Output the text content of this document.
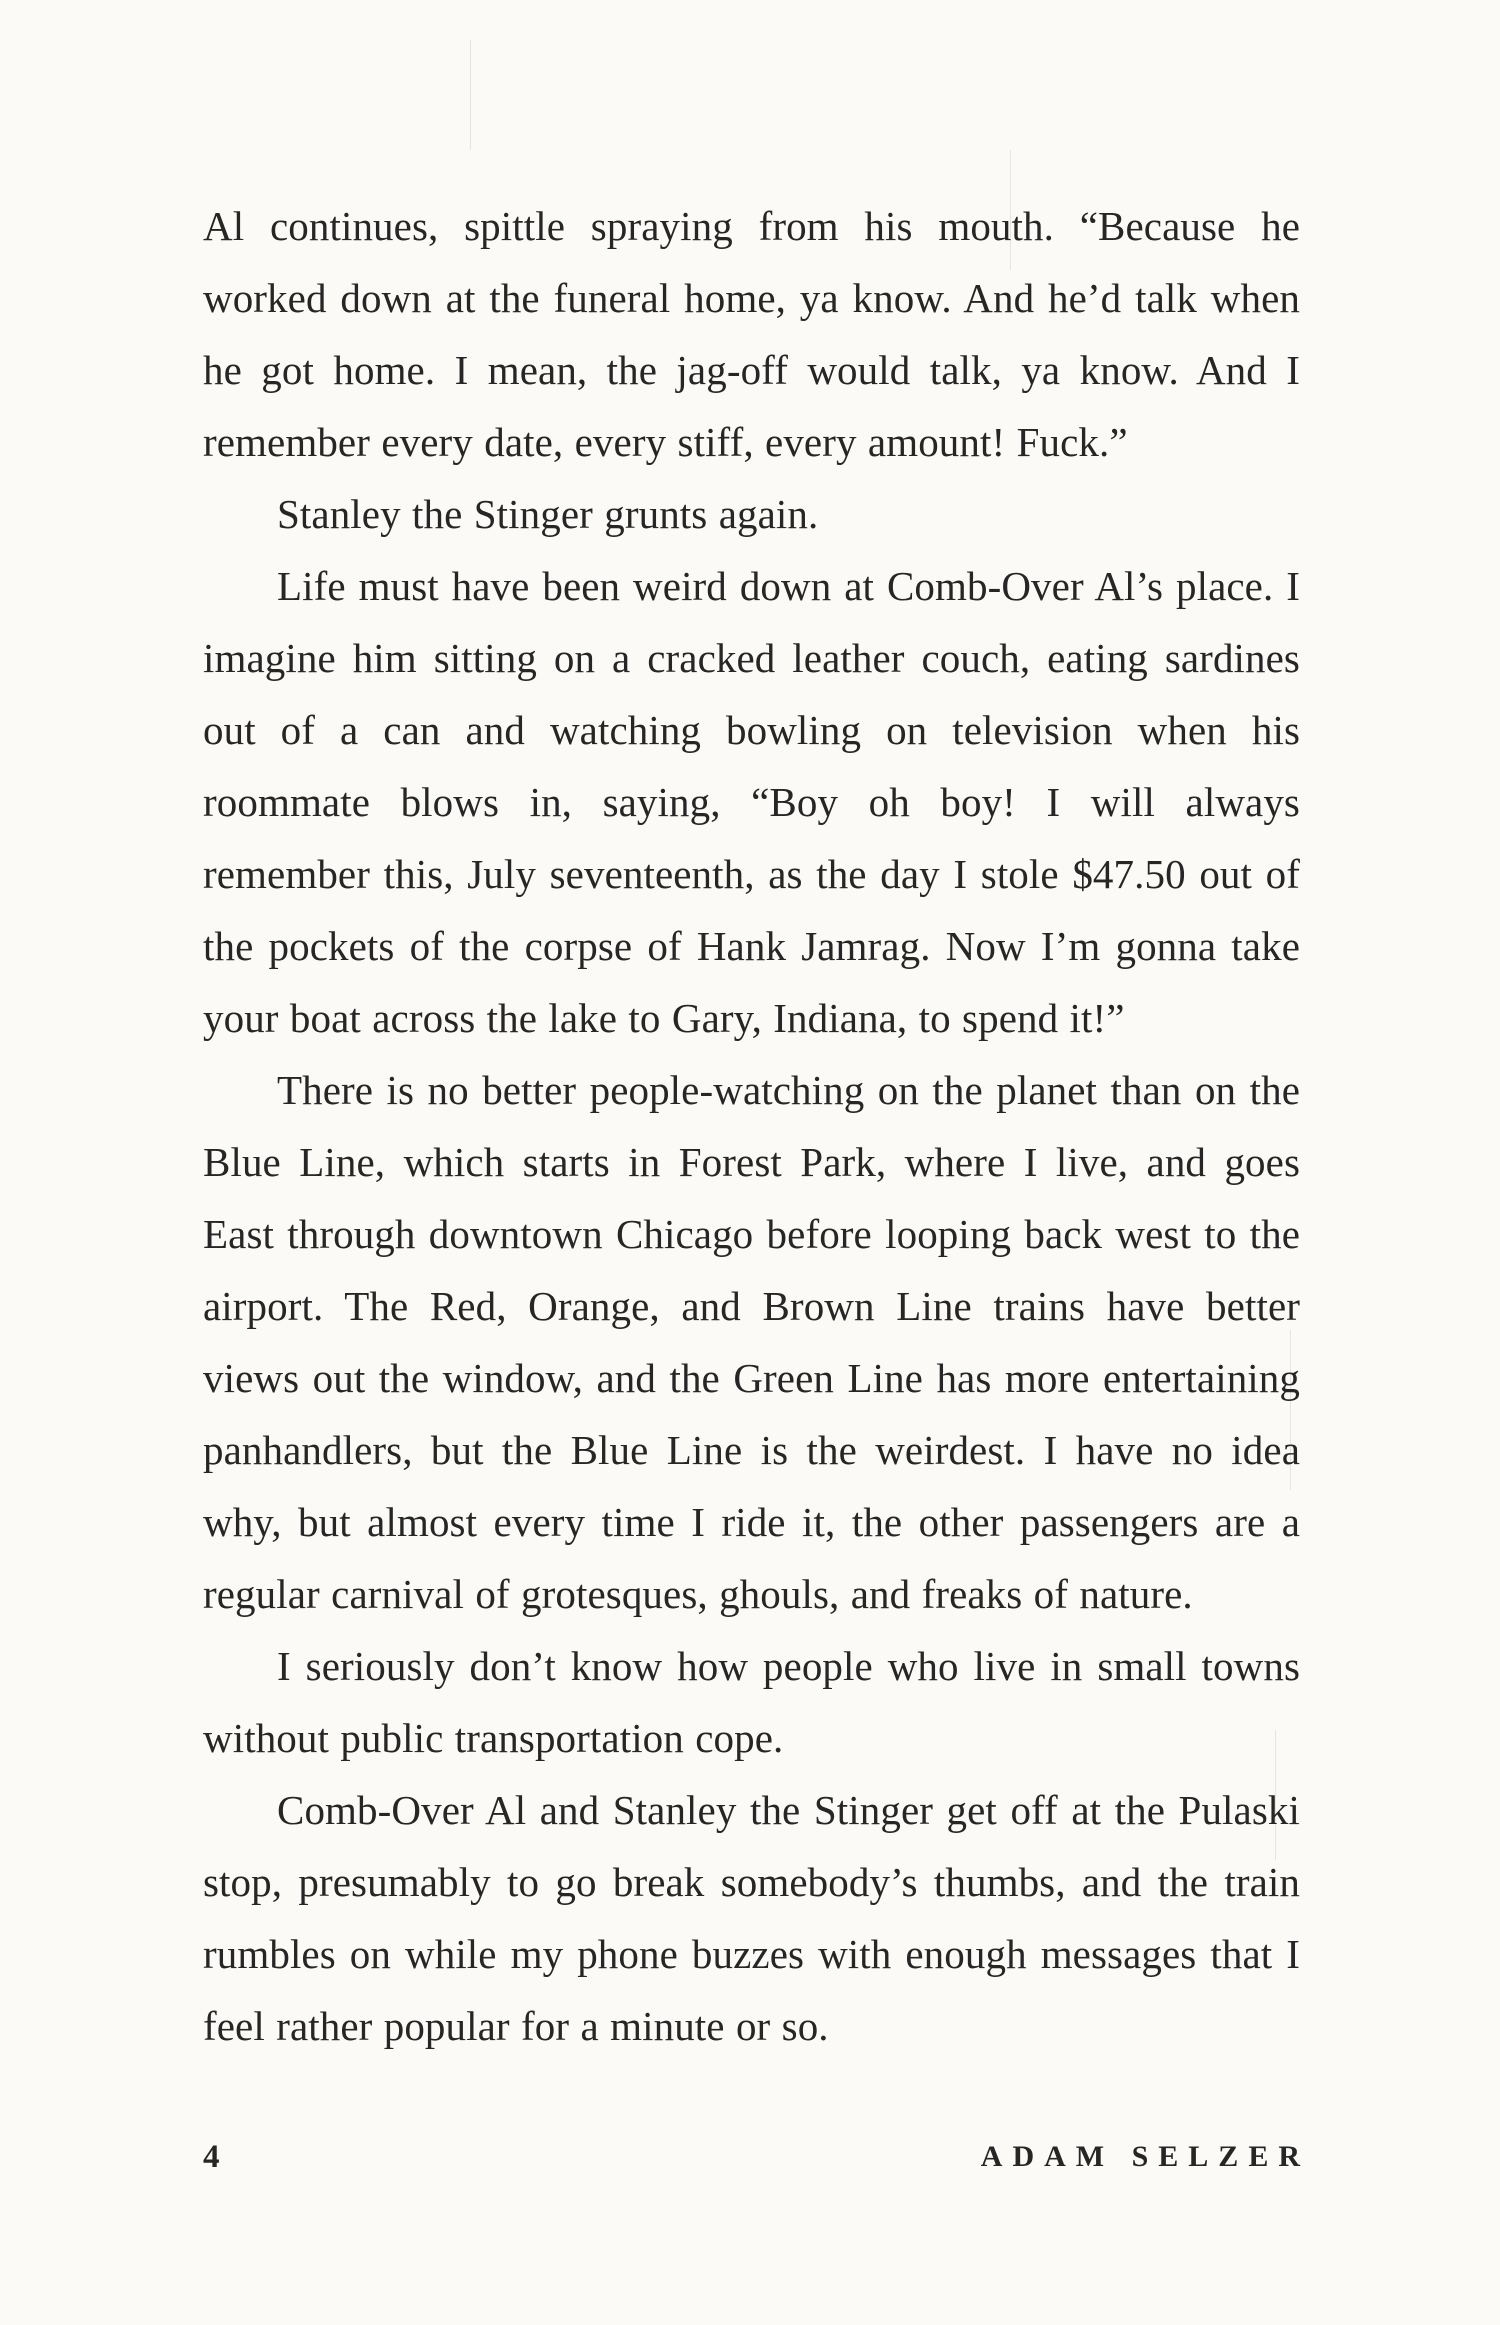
Al continues, spittle spraying from his mouth. “Because he worked down at the funeral home, ya know. And he’d talk when he got home. I mean, the jag-off would talk, ya know. And I remember every date, every stiff, every amount! Fuck.”

Stanley the Stinger grunts again.

Life must have been weird down at Comb-Over Al’s place. I imagine him sitting on a cracked leather couch, eating sardines out of a can and watching bowling on television when his roommate blows in, saying, “Boy oh boy! I will always remember this, July seventeenth, as the day I stole $47.50 out of the pockets of the corpse of Hank Jamrag. Now I’m gonna take your boat across the lake to Gary, Indiana, to spend it!”

There is no better people-watching on the planet than on the Blue Line, which starts in Forest Park, where I live, and goes East through downtown Chicago before looping back west to the airport. The Red, Orange, and Brown Line trains have better views out the window, and the Green Line has more entertaining panhandlers, but the Blue Line is the weirdest. I have no idea why, but almost every time I ride it, the other passengers are a regular carnival of grotesques, ghouls, and freaks of nature.

I seriously don’t know how people who live in small towns without public transportation cope.

Comb-Over Al and Stanley the Stinger get off at the Pulaski stop, presumably to go break somebody’s thumbs, and the train rumbles on while my phone buzzes with enough messages that I feel rather popular for a minute or so.

4	ADAM SELZER
